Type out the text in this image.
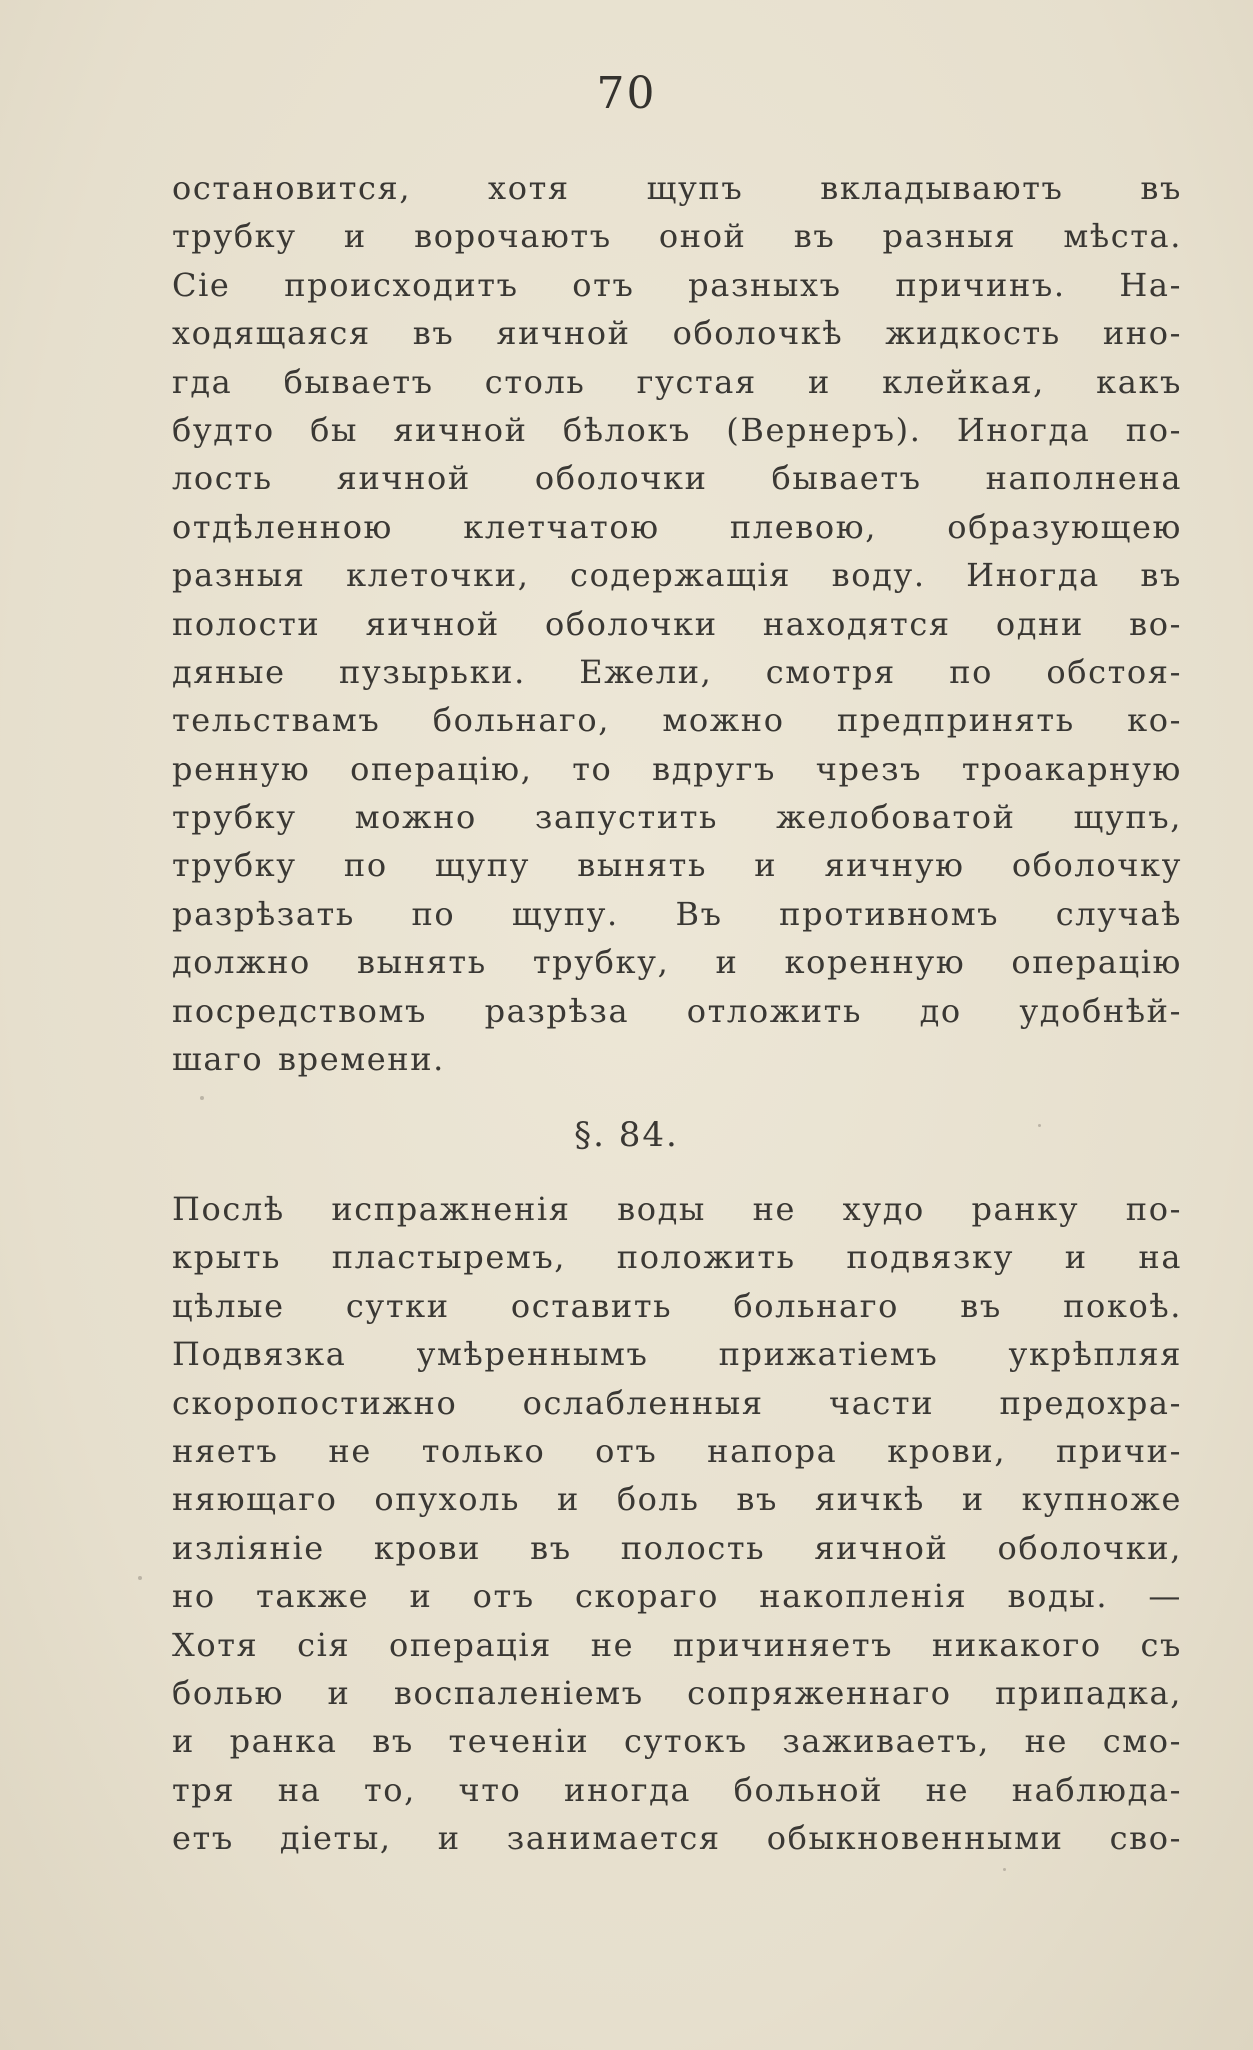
70
остановится, хотя щупъ вкладываютъ въ
трубку и ворочаютъ оной въ разныя мѣста.
Сіе происходитъ отъ разныхъ причинъ. На-
ходящаяся въ яичной оболочкѣ жидкость ино-
гда бываетъ столь густая и клейкая, какъ
будто бы яичной бѣлокъ (Вернеръ). Иногда по-
лость яичной оболочки бываетъ наполнена
отдѣленною клетчатою плевою, образующею
разныя клеточки, содержащія воду. Иногда въ
полости яичной оболочки находятся одни во-
дяные пузырьки. Ежели, смотря по обстоя-
тельствамъ больнаго, можно предпринять ко-
ренную операцію, то вдругъ чрезъ троакарную
трубку можно запустить желобоватой щупъ,
трубку по щупу вынять и яичную оболочку
разрѣзать по щупу. Въ противномъ случаѣ
должно вынять трубку, и коренную операцію
посредствомъ разрѣза отложить до удобнѣй-
шаго времени.
§. 84.
Послѣ испражненія воды не худо ранку по-
крыть пластыремъ, положить подвязку и на
цѣлые сутки оставить больнаго въ покоѣ.
Подвязка умѣреннымъ прижатіемъ укрѣпляя
скоропостижно ослабленныя части предохра-
няетъ не только отъ напора крови, причи-
няющаго опухоль и боль въ яичкѣ и купноже
изліяніе крови въ полость яичной оболочки,
но также и отъ скораго накопленія воды. —
Хотя сія операція не причиняетъ никакого съ
болью и воспаленіемъ сопряженнаго припадка,
и ранка въ теченіи сутокъ заживаетъ, не смо-
тря на то, что иногда больной не наблюда-
етъ діеты, и занимается обыкновенными сво-
